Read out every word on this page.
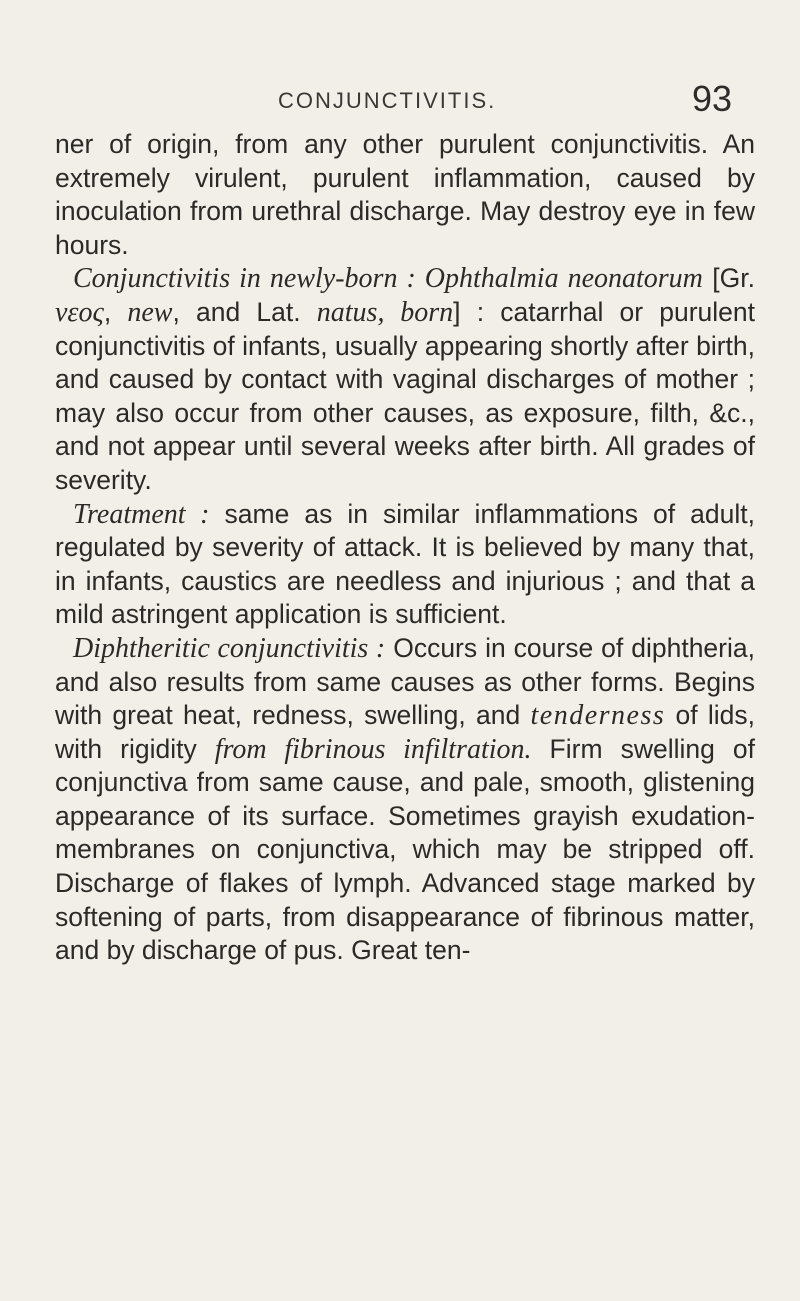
CONJUNCTIVITIS.	93

ner of origin, from any other purulent conjunctivitis. An extremely virulent, purulent inflammation, caused by inoculation from urethral discharge. May destroy eye in few hours.

Conjunctivitis in newly-born : Ophthalmia neonatorum [Gr. νεος, new, and Lat. natus, born] : catarrhal or purulent conjunctivitis of infants, usually appearing shortly after birth, and caused by contact with vaginal discharges of mother ; may also occur from other causes, as exposure, filth, &c., and not appear until several weeks after birth. All grades of severity.

Treatment : same as in similar inflammations of adult, regulated by severity of attack. It is believed by many that, in infants, caustics are needless and injurious ; and that a mild astringent application is sufficient.

Diphtheritic conjunctivitis : Occurs in course of diphtheria, and also results from same causes as other forms. Begins with great heat, redness, swelling, and tenderness of lids, with rigidity from fibrinous infiltration. Firm swelling of conjunctiva from same cause, and pale, smooth, glistening appearance of its surface. Sometimes grayish exudation-membranes on conjunctiva, which may be stripped off. Discharge of flakes of lymph. Advanced stage marked by softening of parts, from disappearance of fibrinous matter, and by discharge of pus. Great ten-
